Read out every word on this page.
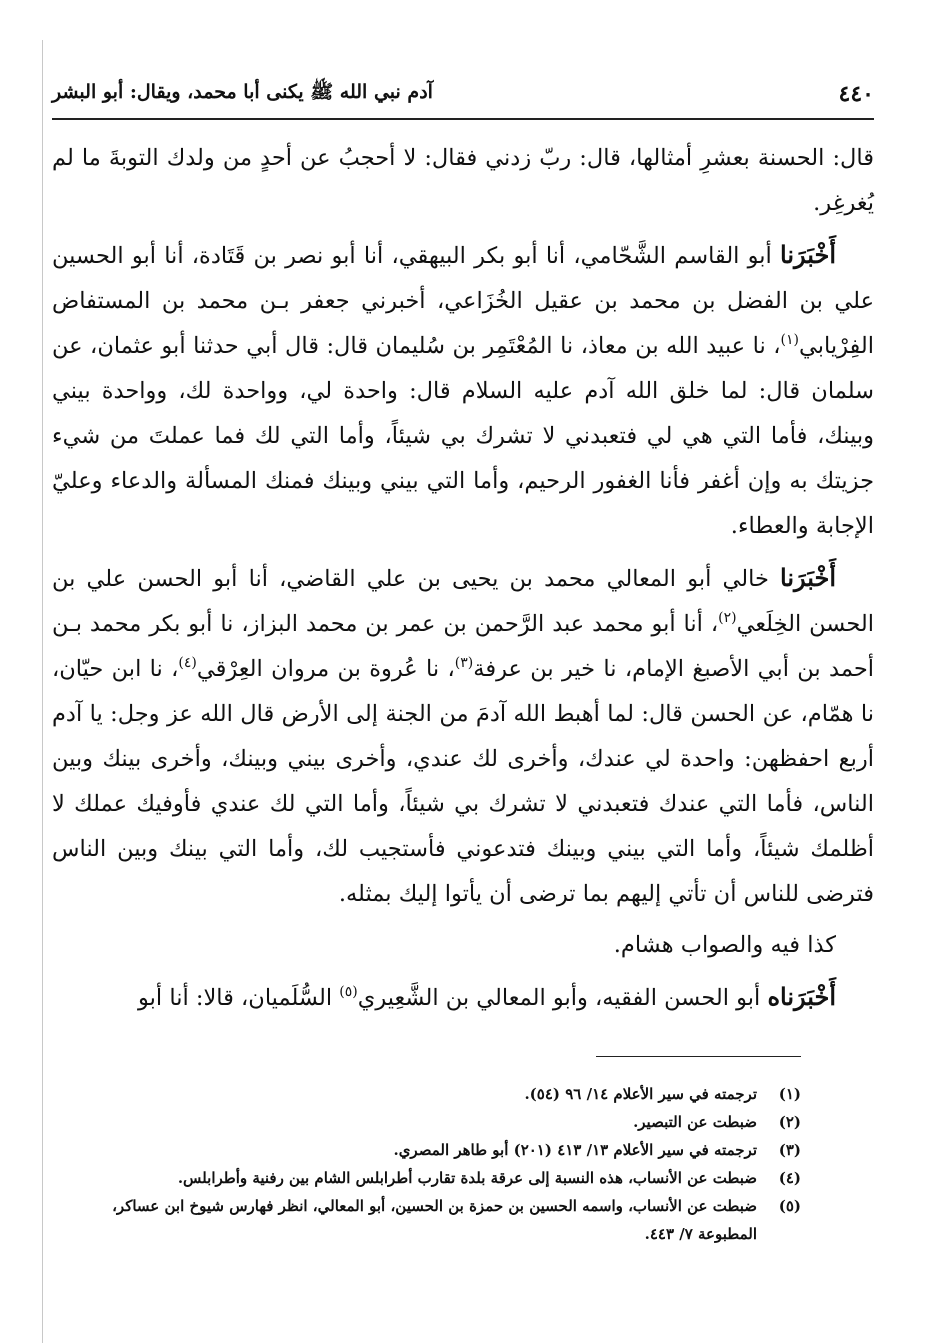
٤٤٠
آدم نبي الله ﷺ يكنى أبا محمد، ويقال: أبو البشر

قال: الحسنة بعشرِ أمثالها، قال: ربّ زدني فقال: لا أحجبُ عن أحدٍ من ولدك التوبةَ ما لم يُغرغِر.

أَخْبَرَنا أبو القاسم الشَّحّامي، أنا أبو بكر البيهقي، أنا أبو نصر بن قَتَادة، أنا أبو الحسين علي بن الفضل بن محمد بن عقيل الخُزَاعي، أخبرني جعفر بـن محمد بن المستفاض الفِرْيابي$^{(١)}$، نا عبيد الله بن معاذ، نا المُعْتَمِر بن سُليمان قال: قال أبي حدثنا أبو عثمان، عن سلمان قال: لما خلق الله آدم عليه السلام قال: واحدة لي، وواحدة لك، وواحدة بيني وبينك، فأما التي هي لي فتعبدني لا تشرك بي شيئاً، وأما التي لك فما عملتَ من شيء جزيتك به وإن أغفر فأنا الغفور الرحيم، وأما التي بيني وبينك فمنك المسألة والدعاء وعليّ الإجابة والعطاء.

أَخْبَرَنا خالي أبو المعالي محمد بن يحيى بن علي القاضي، أنا أبو الحسن علي بن الحسن الخِلَعي$^{(٢)}$، أنا أبو محمد عبد الرَّحمن بن عمر بن محمد البزاز، نا أبو بكر محمد بـن أحمد بن أبي الأصبغ الإمام، نا خير بن عرفة$^{(٣)}$، نا عُروة بن مروان العِرْقي$^{(٤)}$، نا ابن حيّان، نا همّام، عن الحسن قال: لما أهبط الله آدمَ من الجنة إلى الأرض قال الله عز وجل: يا آدم أربع احفظهن: واحدة لي عندك، وأخرى لك عندي، وأخرى بيني وبينك، وأخرى بينك وبين الناس، فأما التي عندك فتعبدني لا تشرك بي شيئاً، وأما التي لك عندي فأوفيك عملك لا أظلمك شيئاً، وأما التي بيني وبينك فتدعوني فأستجيب لك، وأما التي بينك وبين الناس فترضى للناس أن تأتي إليهم بما ترضى أن يأتوا إليك بمثله.

كذا فيه والصواب هشام.

أَخْبَرَناه أبو الحسن الفقيه، وأبو المعالي بن الشَّعِيري$^{(٥)}$ السُّلَميان، قالا: أنا أبو

(١)
ترجمته في سير الأعلام ١٤/ ٩٦ (٥٤).
(٢)
ضبطت عن التبصير.
(٣)
ترجمته في سير الأعلام ١٣/ ٤١٣ (٢٠١) أبو طاهر المصري.
(٤)
ضبطت عن الأنساب، هذه النسبة إلى عرقة بلدة تقارب أطرابلس الشام بين رفنية وأطرابلس.
(٥)
ضبطت عن الأنساب، واسمه الحسين بن حمزة بن الحسين، أبو المعالي، انظر فهارس شيوخ ابن عساكر، المطبوعة ٧/ ٤٤٣.
